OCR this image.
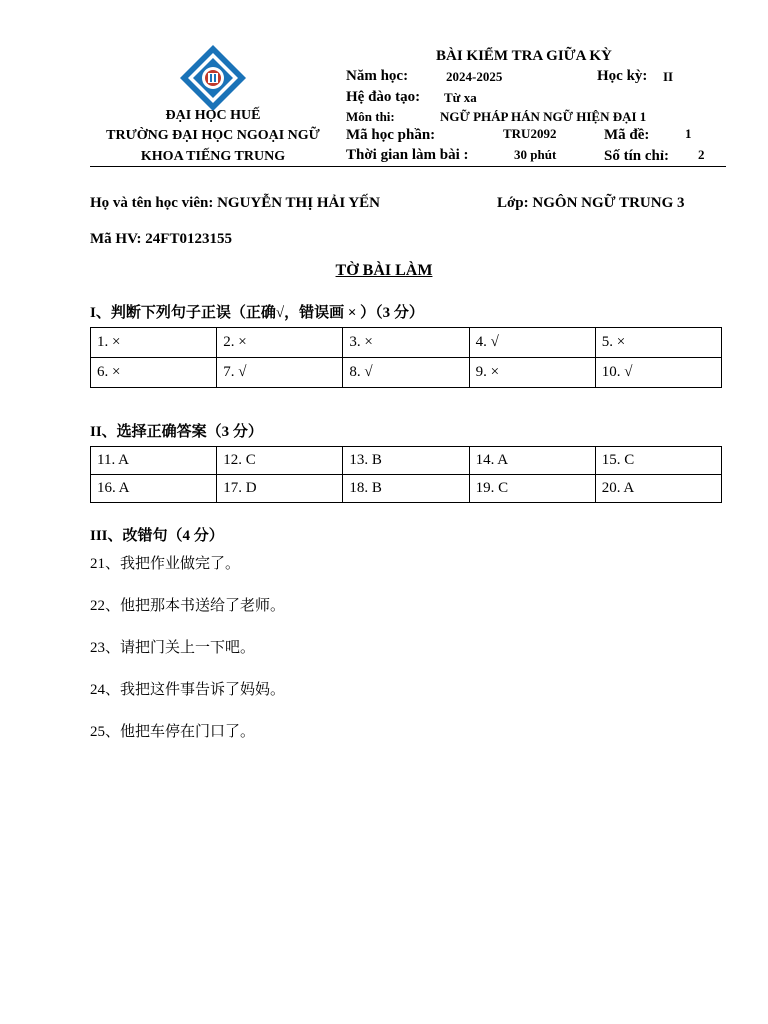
ĐẠI HỌC HUẾ
TRƯỜNG ĐẠI HỌC NGOẠI NGỮ
KHOA TIẾNG TRUNG
BÀI KIỂM TRA GIỮA KỲ
Năm học:	2024-2025	Học kỳ: II
Hệ đào tạo: Từ xa
Môn thi:	NGỮ PHÁP HÁN NGỮ HIỆN ĐẠI 1
Mã học phần:	TRU2092	Mã đề:	1
Thời gian làm bài :	30 phút	Số tín chỉ: 2
Họ và tên học viên: NGUYỄN THỊ HẢI YẾN	Lớp: NGÔN NGỮ TRUNG 3
Mã HV: 24FT0123155
TỜ BÀI LÀM
I、判断下列句子正误（正确√，错误画 × ）（3 分）
1. ×	2. ×	3. ×	4. √	5. ×
6. ×	7. √	8. √	9. ×	10. √
II、选择正确答案（3 分）
11. A	12. C	13. B	14. A	15. C
16. A	17. D	18. B	19. C	20. A
III、改错句（4 分）
21、我把作业做完了。
22、他把那本书送给了老师。
23、请把门关上一下吧。
24、我把这件事告诉了妈妈。
25、他把车停在门口了。
